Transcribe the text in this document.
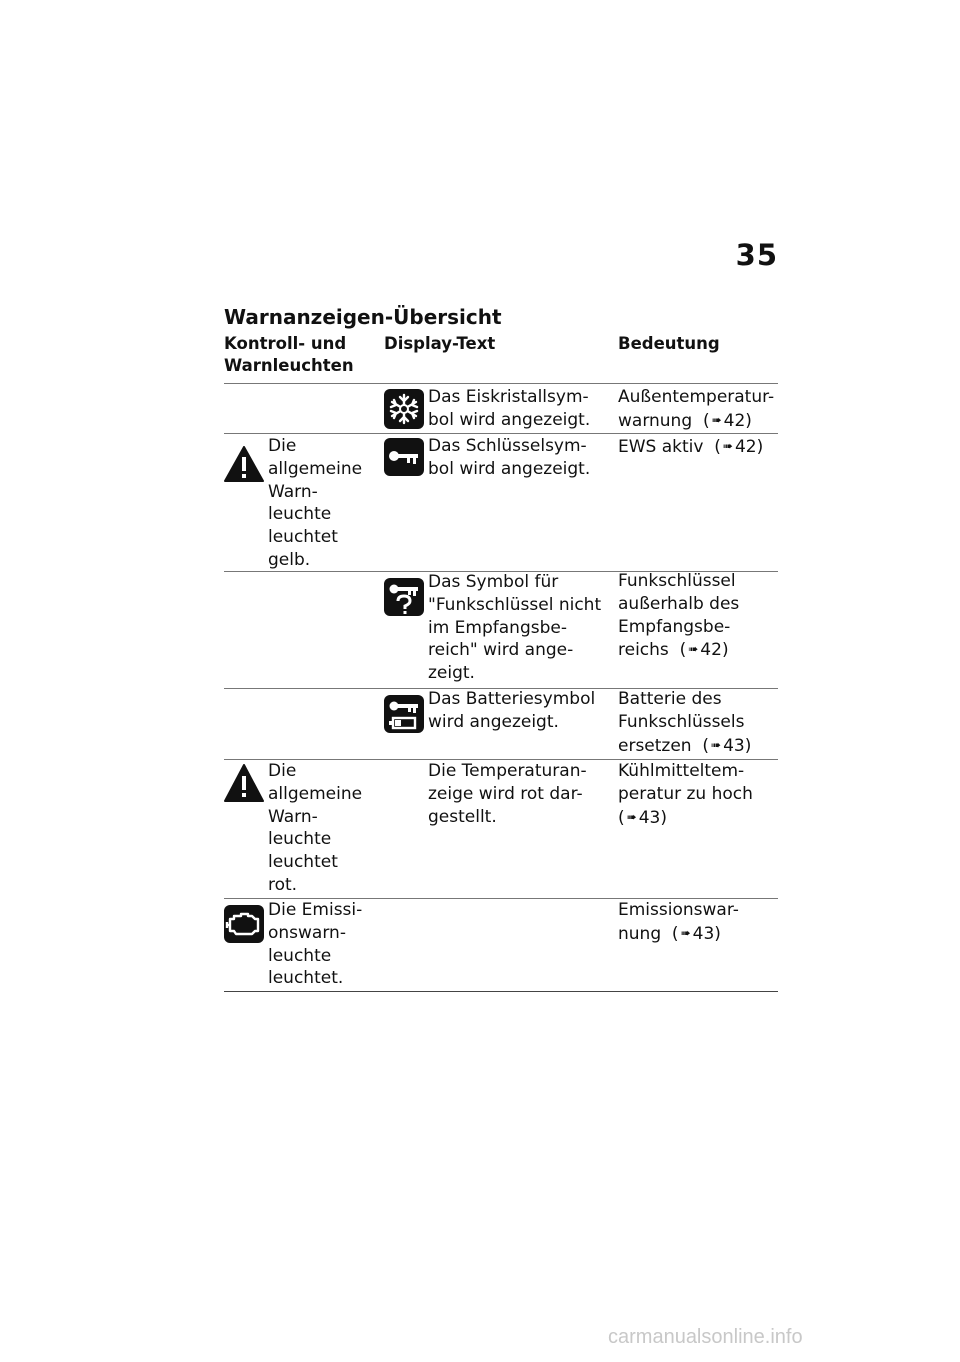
35
Warnanzeigen-Übersicht
Kontroll- und
Warnleuchten
Display-Text	Bedeutung
Das Eiskristallsym-
bol wird angezeigt.
Außentemperatur-
warnung  ( ➠ 42)
Die
allgemeine
Warn-
leuchte
leuchtet
gelb.
Das Schlüsselsym-
bol wird angezeigt.
EWS aktiv  ( ➠ 42)
Das Symbol für
"Funkschlüssel nicht
im Empfangsbe-
reich" wird ange-
zeigt.
Funkschlüssel
außerhalb des
Empfangsbe-
reichs  ( ➠ 42)
Das Batteriesymbol
wird angezeigt.
Batterie des
Funkschlüssels
ersetzen  ( ➠ 43)
Die
allgemeine
Warn-
leuchte
leuchtet
rot.
Die Temperaturan-
zeige wird rot dar-
gestellt.
Kühlmitteltem-
peratur zu hoch
( ➠ 43)
Die Emissi-
onswarn-
leuchte
leuchtet.
Emissionswar-
nung  ( ➠ 43)
carmanualsonline.info
